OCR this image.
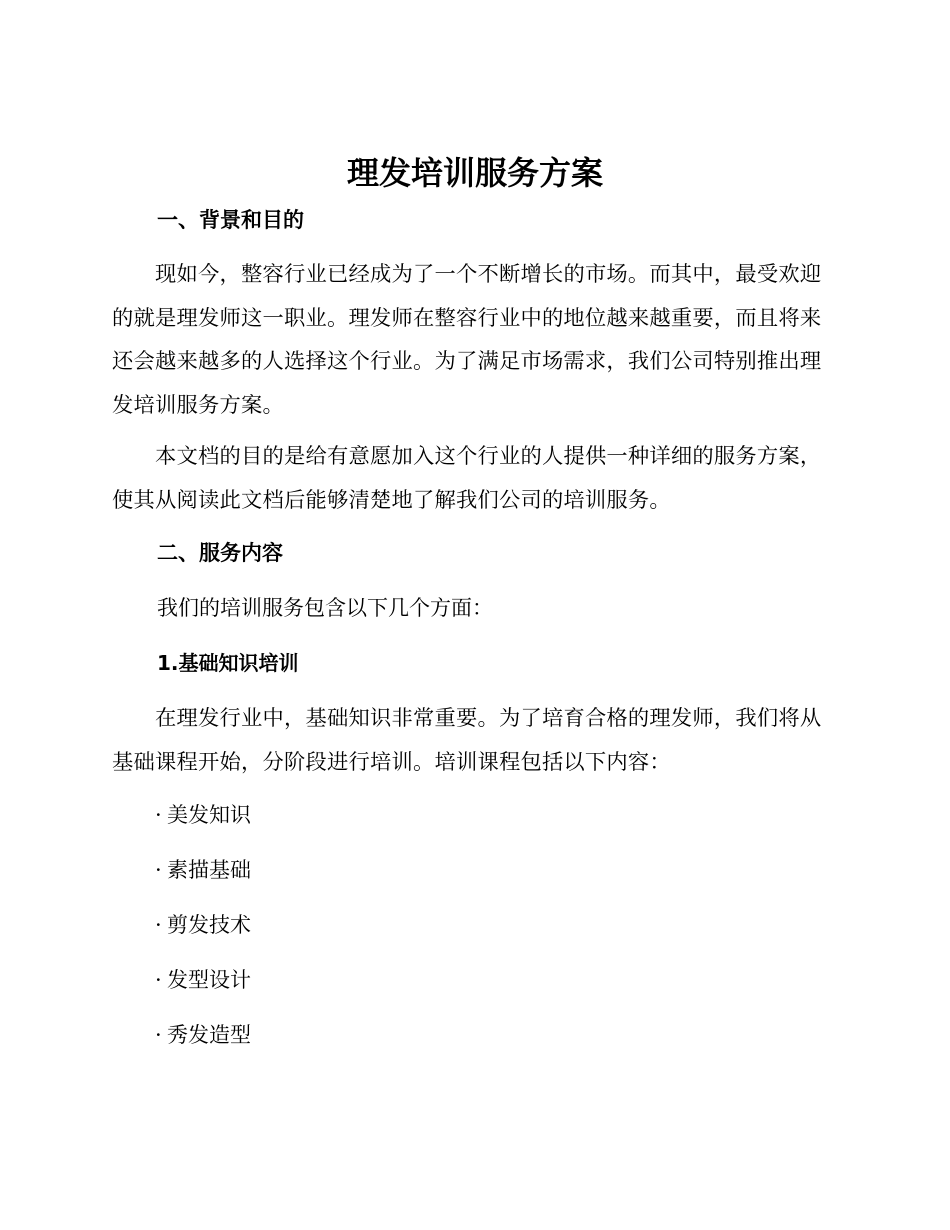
理发培训服务方案
一、背景和目的

现如今，整容行业已经成为了一个不断增长的市场。而其中，最受欢迎的就是理发师这一职业。理发师在整容行业中的地位越来越重要，而且将来还会越来越多的人选择这个行业。为了满足市场需求，我们公司特别推出理发培训服务方案。

本文档的目的是给有意愿加入这个行业的人提供一种详细的服务方案，使其从阅读此文档后能够清楚地了解我们公司的培训服务。

二、服务内容

我们的培训服务包含以下几个方面：

1.基础知识培训

在理发行业中，基础知识非常重要。为了培育合格的理发师，我们将从基础课程开始，分阶段进行培训。培训课程包括以下内容：

· 美发知识
· 素描基础
· 剪发技术
· 发型设计
· 秀发造型
